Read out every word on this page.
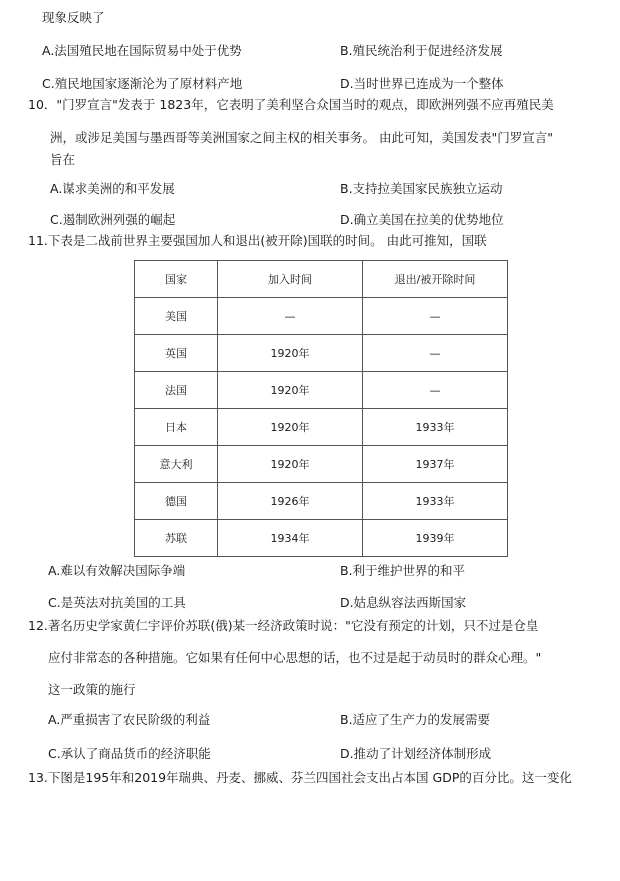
现象反映了
A.法国殖民地在国际贸易中处于优势	B.殖民统治利于促进经济发展
C.殖民地国家逐渐沦为了原材料产地	D.当时世界已连成为一个整体
10．"门罗宣言"发表于 1823年，它表明了美利坚合众国当时的观点，即欧洲列强不应再殖民美
洲，或涉足美国与墨西哥等美洲国家之间主权的相关事务。 由此可知，美国发表"门罗宣言"
旨在
A.谋求美洲的和平发展	B.支持拉美国家民族独立运动
C.遏制欧洲列强的崛起	D.确立美国在拉美的优势地位
11.下表是二战前世界主要强国加人和退出(被开除)国联的时间。 由此可推知，国联
国家	加入时间	退出/被开除时间
美国	—	—
英国	1920年	—
法国	1920年	—
日本	1920年	1933年
意大利	1920年	1937年
德国	1926年	1933年
苏联	1934年	1939年
A.难以有效解决国际争端	B.利于维护世界的和平
C.是英法对抗美国的工具	D.姑息纵容法西斯国家
12.著名历史学家黄仁宇评价苏联(俄)某一经济政策时说："它没有预定的计划，只不过是仓皇
应付非常态的各种措施。它如果有任何中心思想的话，也不过是起于动员时的群众心理。"
这一政策的施行
A.严重损害了农民阶级的利益	B.适应了生产力的发展需要
C.承认了商品货币的经济职能	D.推动了计划经济体制形成
13.下图是195年和2019年瑞典、丹麦、挪威、芬兰四国社会支出占本国 GDP的百分比。这一变化
